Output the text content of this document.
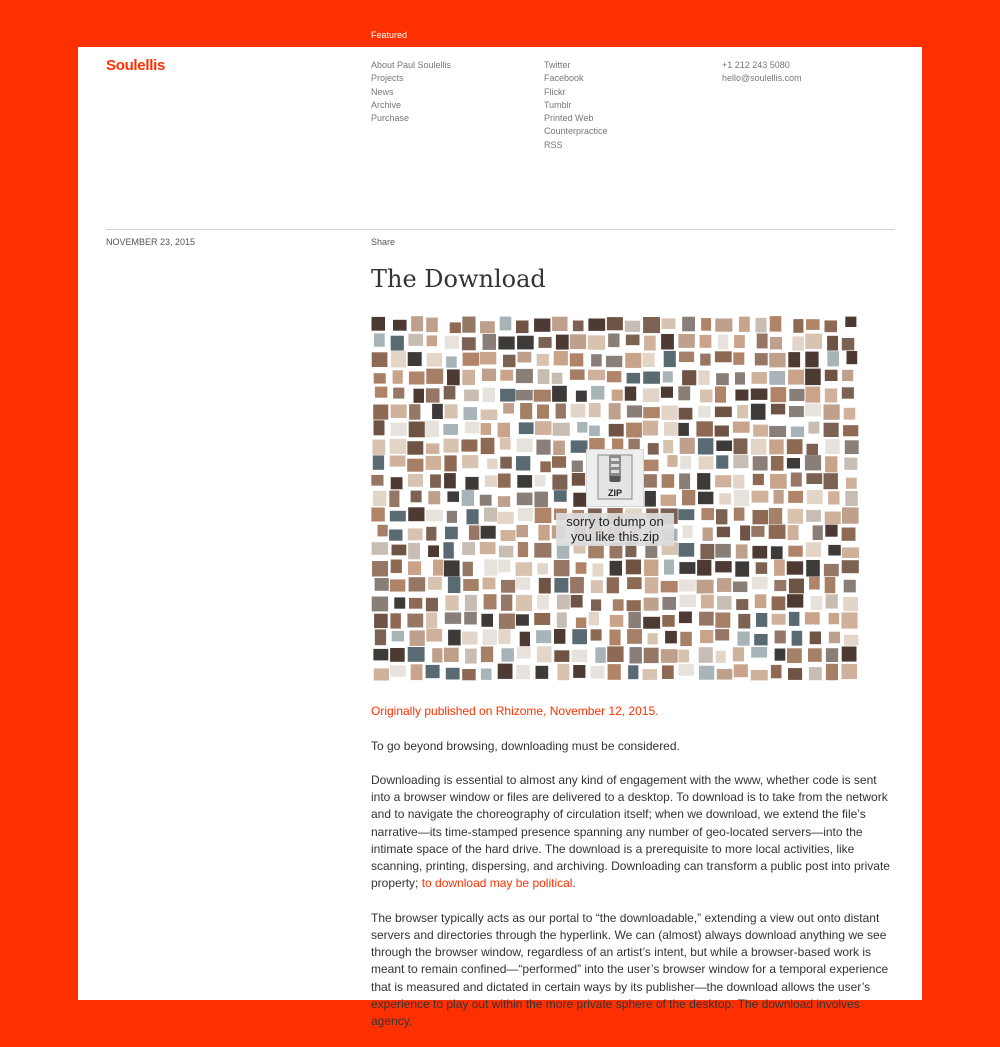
Featured
Soulellis	About Paul Soulellis
Projects
News
Archive
Purchase
Twitter
Facebook
Flickr
Tumblr
Printed Web
Counterpractice
RSS
+1 212 243 5080
hello@soulellis.com
NOVEMBER 23, 2015	Share
The Download
ZIP
sorry to dump on
you like this.zip

Originally published on Rhizome, November 12, 2015.

To go beyond browsing, downloading must be considered.

Downloading is essential to almost any kind of engagement with the www, whether code is sent into a browser window or files are delivered to a desktop. To download is to take from the network and to navigate the choreography of circulation itself; when we download, we extend the file’s narrative—its time-stamped presence spanning any number of geo-located servers—into the intimate space of the hard drive. The download is a prerequisite to more local activities, like scanning, printing, dispersing, and archiving. Downloading can transform a public post into private property; to download may be political.

The browser typically acts as our portal to “the downloadable,” extending a view out onto distant servers and directories through the hyperlink. We can (almost) always download anything we see through the browser window, regardless of an artist’s intent, but while a browser-based work is meant to remain confined—“performed” into the user’s browser window for a temporal experience that is measured and dictated in certain ways by its publisher—the download allows the user’s experience to play out within the more private sphere of the desktop. The download involves agency.
